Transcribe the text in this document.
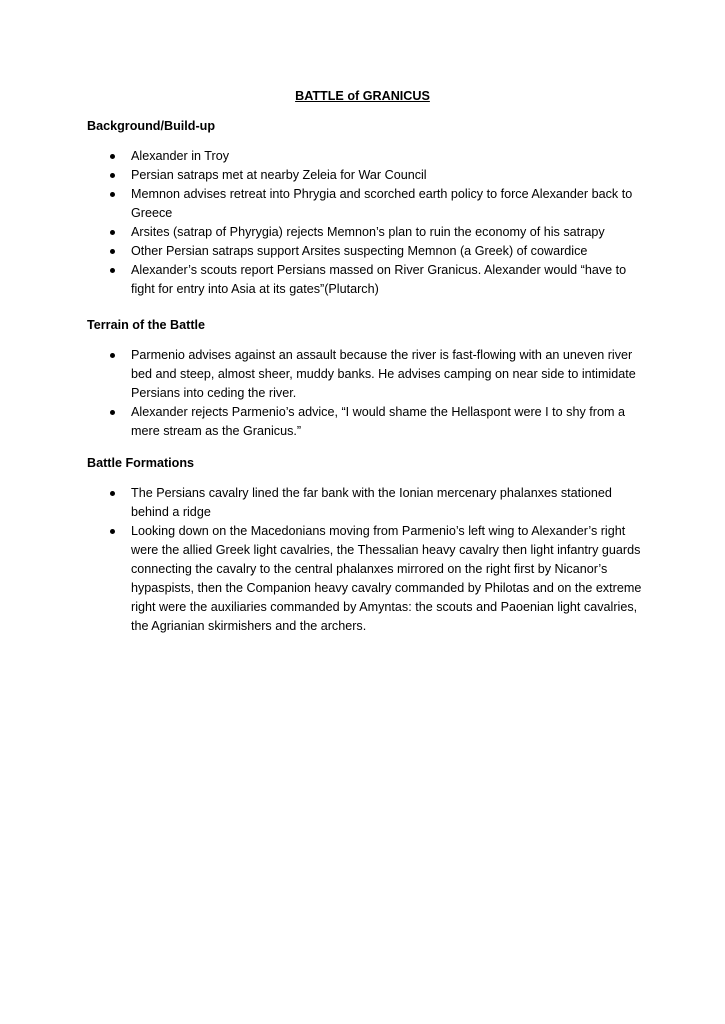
BATTLE of GRANICUS

Background/Build-up

Alexander in Troy
Persian satraps met at nearby Zeleia for War Council
Memnon advises retreat into Phrygia and scorched earth policy to force Alexander back to Greece
Arsites (satrap of Phyrygia) rejects Memnon’s plan to ruin the economy of his satrapy
Other Persian satraps support Arsites suspecting Memnon (a Greek) of cowardice
Alexander’s scouts report Persians massed on River Granicus. Alexander would “have to fight for entry into Asia at its gates”(Plutarch)

Terrain of the Battle

Parmenio advises against an assault because the river is fast-flowing with an uneven river bed and steep, almost sheer, muddy banks. He advises camping on near side to intimidate Persians into ceding the river.
Alexander rejects Parmenio’s advice, “I would shame the Hellaspont were I to shy from a mere stream as the Granicus.”

Battle Formations

The Persians cavalry lined the far bank with the Ionian mercenary phalanxes stationed behind a ridge
Looking down on the Macedonians moving from Parmenio’s left wing to Alexander’s right were the allied Greek light cavalries, the Thessalian heavy cavalry then light infantry guards connecting the cavalry to the central phalanxes mirrored on the right first by Nicanor’s hypaspists, then the Companion heavy cavalry commanded by Philotas and on the extreme right were the auxiliaries commanded by Amyntas: the scouts and Paoenian light cavalries, the Agrianian skirmishers and the archers.
